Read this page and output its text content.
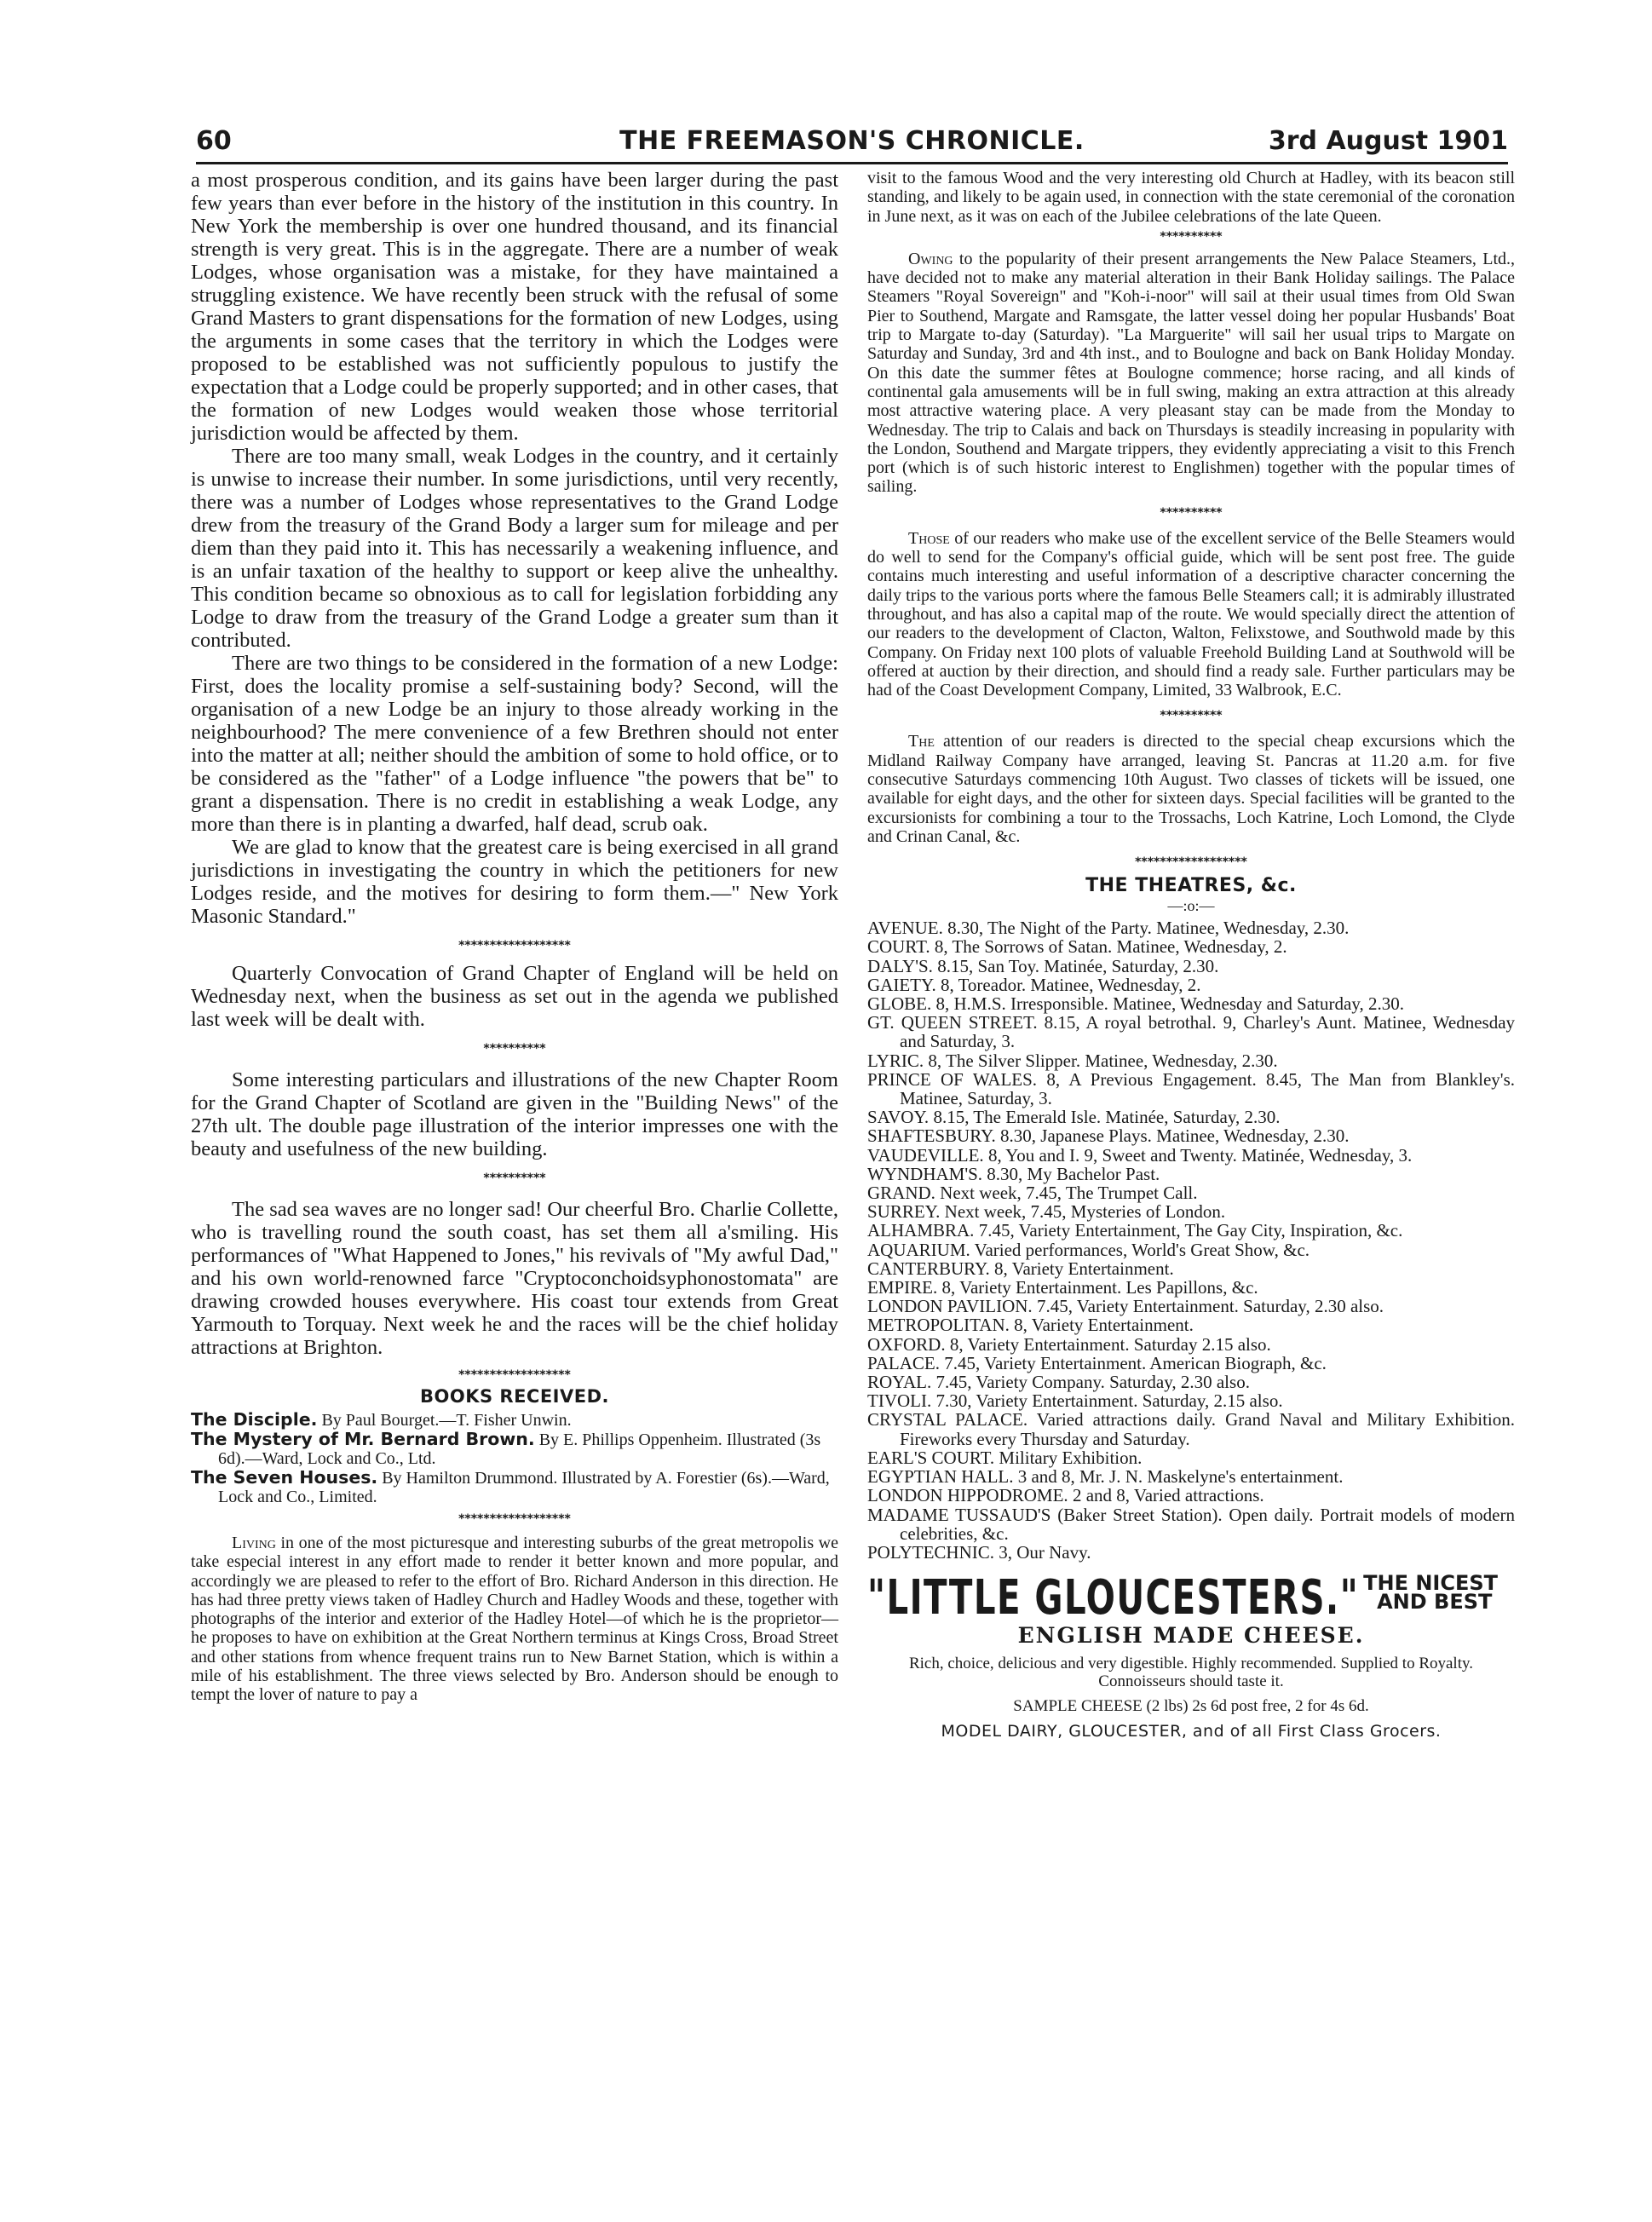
60	THE FREEMASON'S CHRONICLE.	3rd August 1901

a most prosperous condition, and its gains have been larger during the past few years than ever before in the history of the institution in this country. In New York the membership is over one hundred thousand, and its financial strength is very great. This is in the aggregate. There are a number of weak Lodges, whose organisation was a mistake, for they have maintained a struggling existence. We have recently been struck with the refusal of some Grand Masters to grant dispensations for the formation of new Lodges, using the arguments in some cases that the territory in which the Lodges were proposed to be established was not sufficiently populous to justify the expectation that a Lodge could be properly supported; and in other cases, that the formation of new Lodges would weaken those whose territorial jurisdiction would be affected by them.

There are too many small, weak Lodges in the country, and it certainly is unwise to increase their number. In some jurisdictions, until very recently, there was a number of Lodges whose representatives to the Grand Lodge drew from the treasury of the Grand Body a larger sum for mileage and per diem than they paid into it. This has necessarily a weakening influence, and is an unfair taxation of the healthy to support or keep alive the unhealthy. This condition became so obnoxious as to call for legislation forbidding any Lodge to draw from the treasury of the Grand Lodge a greater sum than it contributed.

There are two things to be considered in the formation of a new Lodge: First, does the locality promise a self-sustaining body? Second, will the organisation of a new Lodge be an injury to those already working in the neighbourhood? The mere convenience of a few Brethren should not enter into the matter at all; neither should the ambition of some to hold office, or to be considered as the "father" of a Lodge influence "the powers that be" to grant a dispensation. There is no credit in establishing a weak Lodge, any more than there is in planting a dwarfed, half dead, scrub oak.

We are glad to know that the greatest care is being exercised in all grand jurisdictions in investigating the country in which the petitioners for new Lodges reside, and the motives for desiring to form them.—" New York Masonic Standard."

******************

Quarterly Convocation of Grand Chapter of England will be held on Wednesday next, when the business as set out in the agenda we published last week will be dealt with.

**********

Some interesting particulars and illustrations of the new Chapter Room for the Grand Chapter of Scotland are given in the "Building News" of the 27th ult. The double page illustration of the interior impresses one with the beauty and usefulness of the new building.

**********

The sad sea waves are no longer sad! Our cheerful Bro. Charlie Collette, who is travelling round the south coast, has set them all a'smiling. His performances of "What Happened to Jones," his revivals of "My awful Dad," and his own world-renowned farce "Cryptoconchoidsyphonostomata" are drawing crowded houses everywhere. His coast tour extends from Great Yarmouth to Torquay. Next week he and the races will be the chief holiday attractions at Brighton.

******************
BOOKS RECEIVED.
The Disciple. By Paul Bourget.—T. Fisher Unwin.
The Mystery of Mr. Bernard Brown. By E. Phillips Oppenheim. Illustrated (3s 6d).—Ward, Lock and Co., Ltd.
The Seven Houses. By Hamilton Drummond. Illustrated by A. Forestier (6s).—Ward, Lock and Co., Limited.
******************

Living in one of the most picturesque and interesting suburbs of the great metropolis we take especial interest in any effort made to render it better known and more popular, and accordingly we are pleased to refer to the effort of Bro. Richard Anderson in this direction. He has had three pretty views taken of Hadley Church and Hadley Woods and these, together with photographs of the interior and exterior of the Hadley Hotel—of which he is the proprietor—he proposes to have on exhibition at the Great Northern terminus at Kings Cross, Broad Street and other stations from whence frequent trains run to New Barnet Station, which is within a mile of his establishment. The three views selected by Bro. Anderson should be enough to tempt the lover of nature to pay a

visit to the famous Wood and the very interesting old Church at Hadley, with its beacon still standing, and likely to be again used, in connection with the state ceremonial of the coronation in June next, as it was on each of the Jubilee celebrations of the late Queen.

**********

Owing to the popularity of their present arrangements the New Palace Steamers, Ltd., have decided not to make any material alteration in their Bank Holiday sailings. The Palace Steamers "Royal Sovereign" and "Koh-i-noor" will sail at their usual times from Old Swan Pier to Southend, Margate and Ramsgate, the latter vessel doing her popular Husbands' Boat trip to Margate to-day (Saturday). "La Marguerite" will sail her usual trips to Margate on Saturday and Sunday, 3rd and 4th inst., and to Boulogne and back on Bank Holiday Monday. On this date the summer fêtes at Boulogne commence; horse racing, and all kinds of continental gala amusements will be in full swing, making an extra attraction at this already most attractive watering place. A very pleasant stay can be made from the Monday to Wednesday. The trip to Calais and back on Thursdays is steadily increasing in popularity with the London, Southend and Margate trippers, they evidently appreciating a visit to this French port (which is of such historic interest to Englishmen) together with the popular times of sailing.

**********

Those of our readers who make use of the excellent service of the Belle Steamers would do well to send for the Company's official guide, which will be sent post free. The guide contains much interesting and useful information of a descriptive character concerning the daily trips to the various ports where the famous Belle Steamers call; it is admirably illustrated throughout, and has also a capital map of the route. We would specially direct the attention of our readers to the development of Clacton, Walton, Felixstowe, and Southwold made by this Company. On Friday next 100 plots of valuable Freehold Building Land at Southwold will be offered at auction by their direction, and should find a ready sale. Further particulars may be had of the Coast Development Company, Limited, 33 Walbrook, E.C.

**********

The attention of our readers is directed to the special cheap excursions which the Midland Railway Company have arranged, leaving St. Pancras at 11.20 a.m. for five consecutive Saturdays commencing 10th August. Two classes of tickets will be issued, one available for eight days, and the other for sixteen days. Special facilities will be granted to the excursionists for combining a tour to the Trossachs, Loch Katrine, Loch Lomond, the Clyde and Crinan Canal, &c.

******************
THE THEATRES, &c.
—:o:—
AVENUE. 8.30, The Night of the Party. Matinee, Wednesday, 2.30.
COURT. 8, The Sorrows of Satan. Matinee, Wednesday, 2.
DALY'S. 8.15, San Toy. Matinée, Saturday, 2.30.
GAIETY. 8, Toreador. Matinee, Wednesday, 2.
GLOBE. 8, H.M.S. Irresponsible. Matinee, Wednesday and Saturday, 2.30.
GT. QUEEN STREET. 8.15, A royal betrothal. 9, Charley's Aunt. Matinee, Wednesday and Saturday, 3.
LYRIC. 8, The Silver Slipper. Matinee, Wednesday, 2.30.
PRINCE OF WALES. 8, A Previous Engagement. 8.45, The Man from Blankley's. Matinee, Saturday, 3.
SAVOY. 8.15, The Emerald Isle. Matinée, Saturday, 2.30.
SHAFTESBURY. 8.30, Japanese Plays. Matinee, Wednesday, 2.30.
VAUDEVILLE. 8, You and I. 9, Sweet and Twenty. Matinée, Wednesday, 3.
WYNDHAM'S. 8.30, My Bachelor Past.
GRAND. Next week, 7.45, The Trumpet Call.
SURREY. Next week, 7.45, Mysteries of London.
ALHAMBRA. 7.45, Variety Entertainment, The Gay City, Inspiration, &c.
AQUARIUM. Varied performances, World's Great Show, &c.
CANTERBURY. 8, Variety Entertainment.
EMPIRE. 8, Variety Entertainment. Les Papillons, &c.
LONDON PAVILION. 7.45, Variety Entertainment. Saturday, 2.30 also.
METROPOLITAN. 8, Variety Entertainment.
OXFORD. 8, Variety Entertainment. Saturday 2.15 also.
PALACE. 7.45, Variety Entertainment. American Biograph, &c.
ROYAL. 7.45, Variety Company. Saturday, 2.30 also.
TIVOLI. 7.30, Variety Entertainment. Saturday, 2.15 also.
CRYSTAL PALACE. Varied attractions daily. Grand Naval and Military Exhibition. Fireworks every Thursday and Saturday.
EARL'S COURT. Military Exhibition.
EGYPTIAN HALL. 3 and 8, Mr. J. N. Maskelyne's entertainment.
LONDON HIPPODROME. 2 and 8, Varied attractions.
MADAME TUSSAUD'S (Baker Street Station). Open daily. Portrait models of modern celebrities, &c.
POLYTECHNIC. 3, Our Navy.
"LITTLE GLOUCESTERS." THE NICEST
AND BEST
ENGLISH MADE CHEESE.
Rich, choice, delicious and very digestible. Highly recommended. Supplied to Royalty. Connoisseurs should taste it.
SAMPLE CHEESE (2 lbs) 2s 6d post free, 2 for 4s 6d.
MODEL DAIRY, GLOUCESTER, and of all First Class Grocers.
